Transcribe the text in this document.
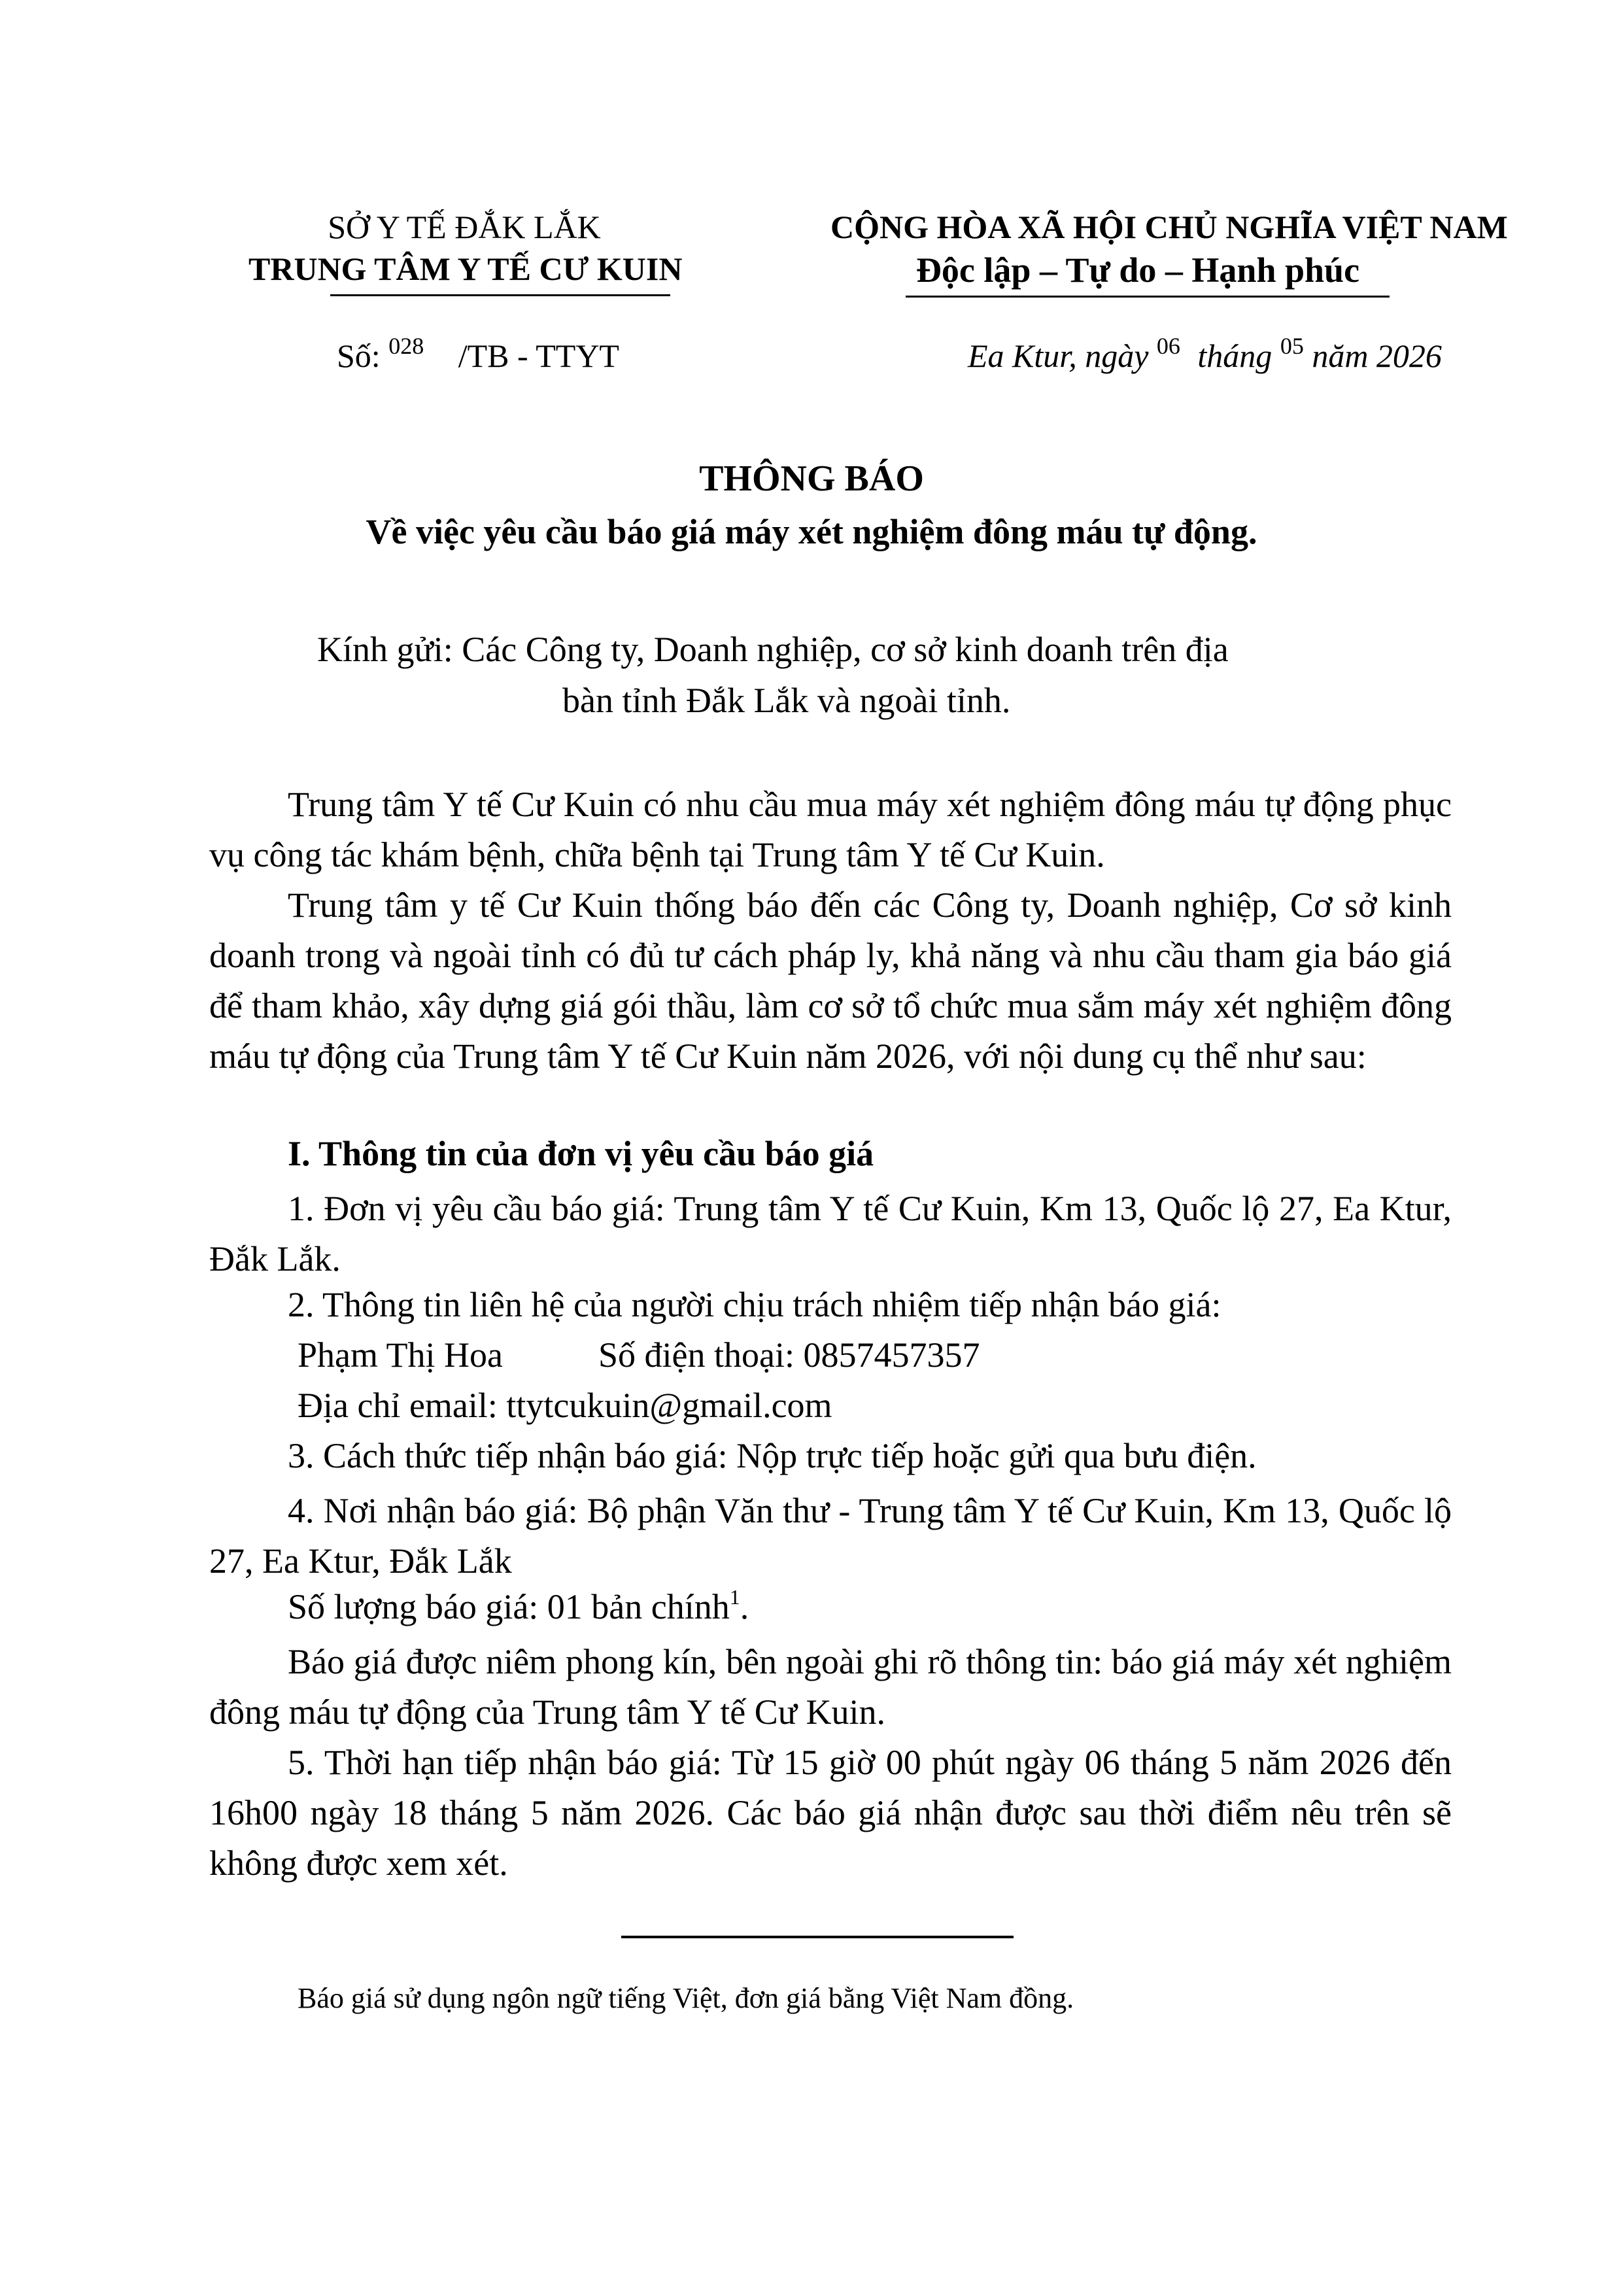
SỞ Y TẾ ĐẮK LẮK
TRUNG TÂM Y TẾ CƯ KUIN
CỘNG HÒA XÃ HỘI CHỦ NGHĨA VIỆT NAM
Độc lập – Tự do – Hạnh phúc
Số: $^{028}$ /TB - TTYT	Ea Ktur, ngày $^{06}$ tháng $^{05}$ năm 2026
THÔNG BÁO
Về việc yêu cầu báo giá máy xét nghiệm đông máu tự động.
Kính gửi: Các Công ty, Doanh nghiệp, cơ sở kinh doanh trên địa
bàn tỉnh Đắk Lắk và ngoài tỉnh.
Trung tâm Y tế Cư Kuin có nhu cầu mua máy xét nghiệm đông máu tự động phục vụ công tác khám bệnh, chữa bệnh tại Trung tâm Y tế Cư Kuin.
Trung tâm y tế Cư Kuin thống báo đến các Công ty, Doanh nghiệp, Cơ sở kinh doanh trong và ngoài tỉnh có đủ tư cách pháp ly, khả năng và nhu cầu tham gia báo giá để tham khảo, xây dựng giá gói thầu, làm cơ sở tổ chức mua sắm máy xét nghiệm đông máu tự động của Trung tâm Y tế Cư Kuin năm 2026, với nội dung cụ thể như sau:
I. Thông tin của đơn vị yêu cầu báo giá
1. Đơn vị yêu cầu báo giá: Trung tâm Y tế Cư Kuin, Km 13, Quốc lộ 27, Ea Ktur, Đắk Lắk.
2. Thông tin liên hệ của người chịu trách nhiệm tiếp nhận báo giá:
Phạm Thị Hoa	Số điện thoại: 0857457357
Địa chỉ email: ttytcukuin@gmail.com
3. Cách thức tiếp nhận báo giá: Nộp trực tiếp hoặc gửi qua bưu điện.
4. Nơi nhận báo giá: Bộ phận Văn thư - Trung tâm Y tế Cư Kuin, Km 13, Quốc lộ 27, Ea Ktur, Đắk Lắk
Số lượng báo giá: 01 bản chính$^1$.
Báo giá được niêm phong kín, bên ngoài ghi rõ thông tin: báo giá máy xét nghiệm đông máu tự động của Trung tâm Y tế Cư Kuin.
5. Thời hạn tiếp nhận báo giá: Từ 15 giờ 00 phút ngày 06 tháng 5 năm 2026 đến 16h00 ngày 18 tháng 5 năm 2026. Các báo giá nhận được sau thời điểm nêu trên sẽ không được xem xét.
Báo giá sử dụng ngôn ngữ tiếng Việt, đơn giá bằng Việt Nam đồng.
